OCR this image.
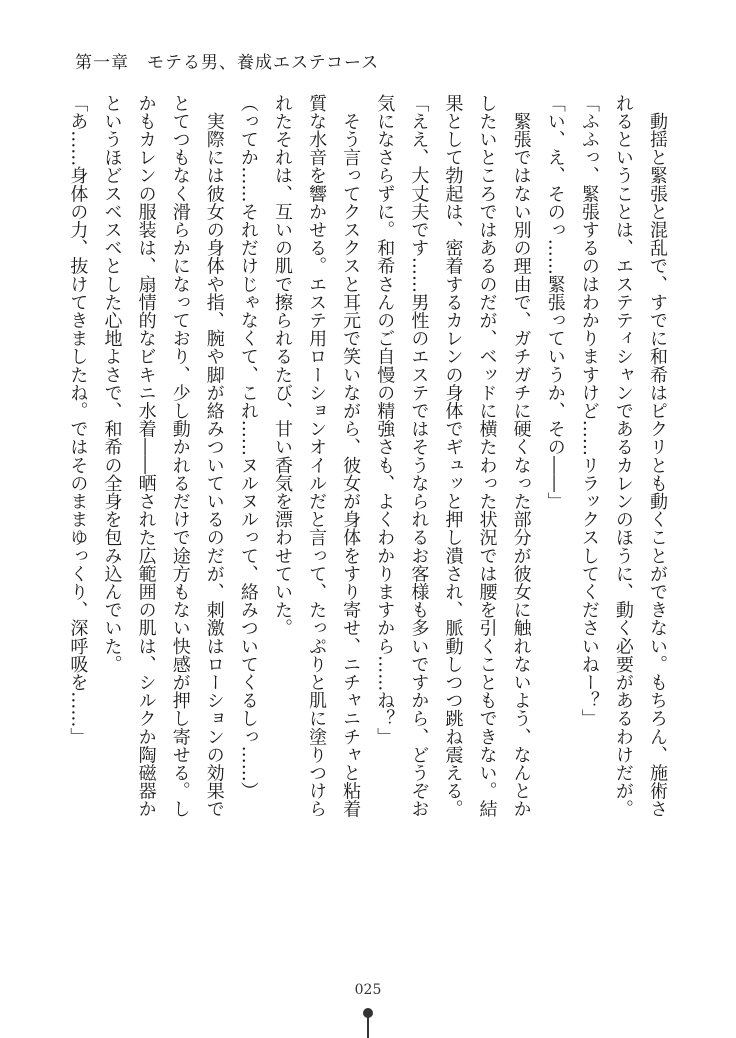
第一章　モテる男、養成エステコース
　動揺と緊張と混乱で、すでに和希はピクリとも動くことができない。もちろん、施術さ
れるということは、エステティシャンであるカレンのほうに、動く必要があるわけだが。
「ふふっ、緊張するのはわかりますけど……リラックスしてくださいねー？」
「い、え、そのっ……緊張っていうか、その――」
　緊張ではない別の理由で、ガチガチに硬くなった部分が彼女に触れないよう、なんとか
したいところではあるのだが、ベッドに横たわった状況では腰を引くこともできない。結
果として勃起は、密着するカレンの身体でギュッと押し潰され、脈動しつつ跳ね震える。
「ええ、大丈夫です……男性のエステではそうなられるお客様も多いですから、どうぞお
気になさらずに。和希さんのご自慢の精強さも、よくわかりますから……ね？」
　そう言ってクスクスと耳元で笑いながら、彼女が身体をすり寄せ、ニチャニチャと粘着
質な水音を響かせる。エステ用ローションオイルだと言って、たっぷりと肌に塗りつけら
れたそれは、互いの肌で擦られるたび、甘い香気を漂わせていた。
（ってか……それだけじゃなくて、これ……ヌルヌルって、絡みついてくるしっ……）
　実際には彼女の身体や指、腕や脚が絡みついているのだが、刺激はローションの効果で
とてつもなく滑らかになっており、少し動かれるだけで途方もない快感が押し寄せる。し
かもカレンの服装は、扇情的なビキニ水着――晒された広範囲の肌は、シルクか陶磁器か
というほどスベスベとした心地よさで、和希の全身を包み込んでいた。
「あ……身体の力、抜けてきましたね。ではそのままゆっくり、深呼吸を……」
025
